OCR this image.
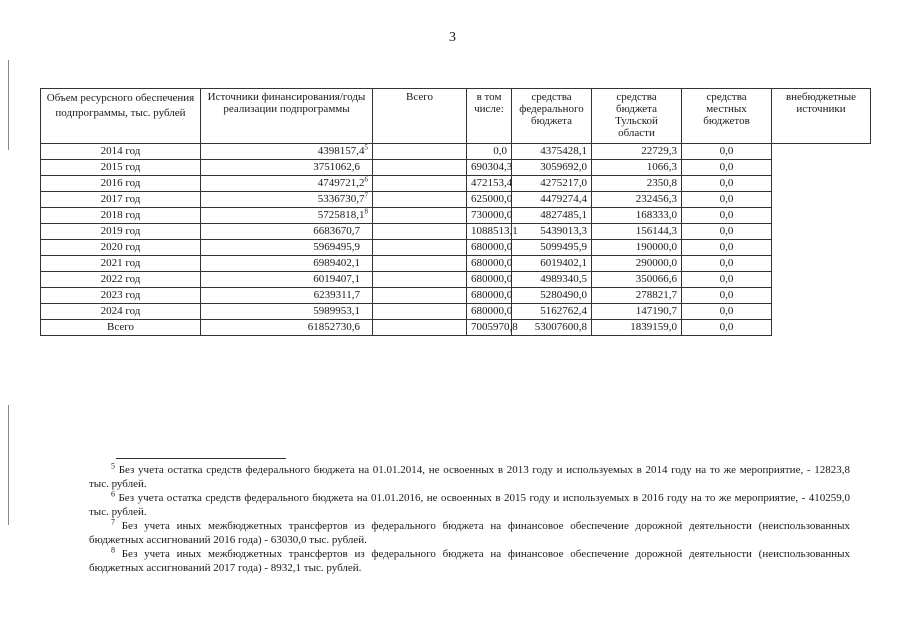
3
Объем ресурсного обеспечения подпрограммы, тыс. рублей	Источники финансирования/годы реализации подпрограммы	Всего	в том числе:	средства федерального бюджета	средства бюджета Тульской области	средства местных бюджетов	внебюджетные источники
2014 год	4398157,4$^5$		0,0	4375428,1	22729,3	0,0	
2015 год	3751062,6		690304,3	3059692,0	1066,3	0,0	
2016 год	4749721,2$^6$		472153,4	4275217,0	2350,8	0,0	
2017 год	5336730,7$^7$		625000,0	4479274,4	232456,3	0,0	
2018 год	5725818,1$^8$		730000,0	4827485,1	168333,0	0,0	
2019 год	6683670,7		1088513,1	5439013,3	156144,3	0,0	
2020 год	5969495,9		680000,0	5099495,9	190000,0	0,0	
2021 год	6989402,1		680000,0	6019402,1	290000,0	0,0	
2022 год	6019407,1		680000,0	4989340,5	350066,6	0,0	
2023 год	6239311,7		680000,0	5280490,0	278821,7	0,0	
2024 год	5989953,1		680000,0	5162762,4	147190,7	0,0	
Всего	61852730,6		7005970,8	53007600,8	1839159,0	0,0	

$^5$ Без учета остатка средств федерального бюджета на 01.01.2014, не освоенных в 2013 году и используемых в 2014 году на то же мероприятие, - 12823,8 тыс. рублей.

$^6$ Без учета остатка средств федерального бюджета на 01.01.2016, не освоенных в 2015 году и используемых в 2016 году на то же мероприятие, - 410259,0 тыс. рублей.

$^7$ Без учета иных межбюджетных трансфертов из федерального бюджета на финансовое обеспечение дорожной деятельности (неиспользованных бюджетных ассигнований 2016 года) - 63030,0 тыс. рублей.

$^8$ Без учета иных межбюджетных трансфертов из федерального бюджета на финансовое обеспечение дорожной деятельности (неиспользованных бюджетных ассигнований 2017 года) - 8932,1 тыс. рублей.
